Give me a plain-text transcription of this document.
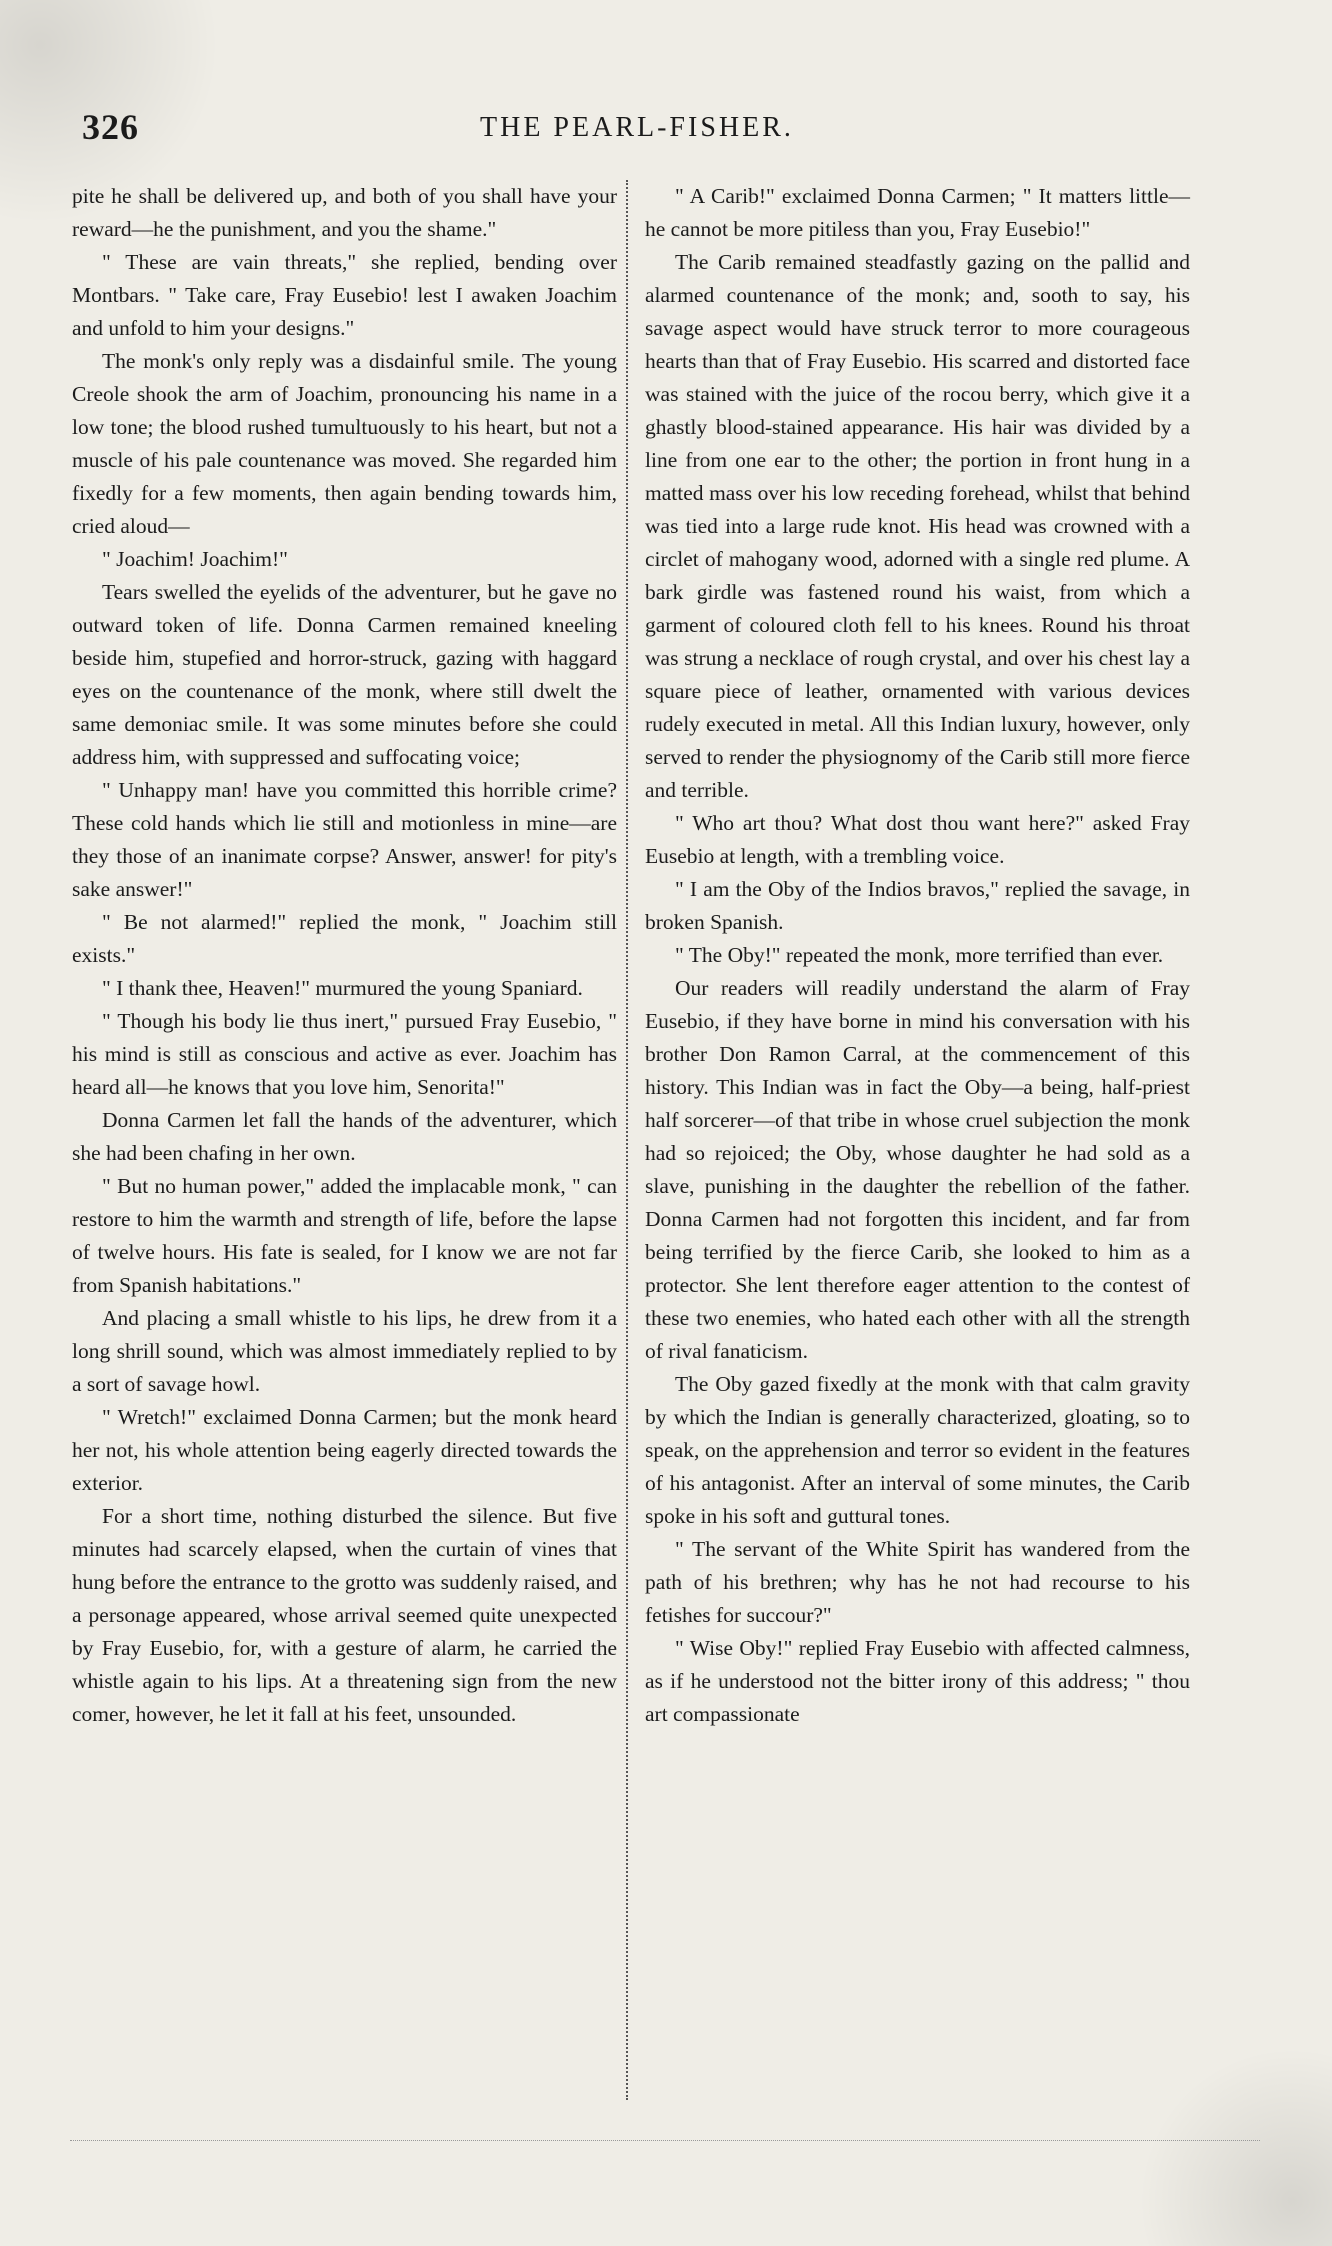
326	THE PEARL-FISHER.

pite he shall be delivered up, and both of you shall have your reward—he the punishment, and you the shame."

" These are vain threats," she replied, bending over Montbars. " Take care, Fray Eusebio! lest I awaken Joachim and unfold to him your designs."

The monk's only reply was a disdainful smile. The young Creole shook the arm of Joachim, pronouncing his name in a low tone; the blood rushed tumultuously to his heart, but not a muscle of his pale countenance was moved. She regarded him fixedly for a few moments, then again bending towards him, cried aloud—

" Joachim! Joachim!"

Tears swelled the eyelids of the adventurer, but he gave no outward token of life. Donna Carmen remained kneeling beside him, stupefied and horror-struck, gazing with haggard eyes on the countenance of the monk, where still dwelt the same demoniac smile. It was some minutes before she could address him, with suppressed and suffocating voice;

" Unhappy man! have you committed this horrible crime? These cold hands which lie still and motionless in mine—are they those of an inanimate corpse? Answer, answer! for pity's sake answer!"

" Be not alarmed!" replied the monk, " Joachim still exists."

" I thank thee, Heaven!" murmured the young Spaniard.

" Though his body lie thus inert," pursued Fray Eusebio, " his mind is still as conscious and active as ever. Joachim has heard all—he knows that you love him, Senorita!"

Donna Carmen let fall the hands of the adventurer, which she had been chafing in her own.

" But no human power," added the implacable monk, " can restore to him the warmth and strength of life, before the lapse of twelve hours. His fate is sealed, for I know we are not far from Spanish habitations."

And placing a small whistle to his lips, he drew from it a long shrill sound, which was almost immediately replied to by a sort of savage howl.

" Wretch!" exclaimed Donna Carmen; but the monk heard her not, his whole attention being eagerly directed towards the exterior.

For a short time, nothing disturbed the silence. But five minutes had scarcely elapsed, when the curtain of vines that hung before the entrance to the grotto was suddenly raised, and a personage appeared, whose arrival seemed quite unexpected by Fray Eusebio, for, with a gesture of alarm, he carried the whistle again to his lips. At a threatening sign from the new comer, however, he let it fall at his feet, unsounded.

" A Carib!" exclaimed Donna Carmen; " It matters little—he cannot be more pitiless than you, Fray Eusebio!"

The Carib remained steadfastly gazing on the pallid and alarmed countenance of the monk; and, sooth to say, his savage aspect would have struck terror to more courageous hearts than that of Fray Eusebio. His scarred and distorted face was stained with the juice of the rocou berry, which give it a ghastly blood-stained appearance. His hair was divided by a line from one ear to the other; the portion in front hung in a matted mass over his low receding forehead, whilst that behind was tied into a large rude knot. His head was crowned with a circlet of mahogany wood, adorned with a single red plume. A bark girdle was fastened round his waist, from which a garment of coloured cloth fell to his knees. Round his throat was strung a necklace of rough crystal, and over his chest lay a square piece of leather, ornamented with various devices rudely executed in metal. All this Indian luxury, however, only served to render the physiognomy of the Carib still more fierce and terrible.

" Who art thou? What dost thou want here?" asked Fray Eusebio at length, with a trembling voice.

" I am the Oby of the Indios bravos," replied the savage, in broken Spanish.

" The Oby!" repeated the monk, more terrified than ever.

Our readers will readily understand the alarm of Fray Eusebio, if they have borne in mind his conversation with his brother Don Ramon Carral, at the commencement of this history. This Indian was in fact the Oby—a being, half-priest half sorcerer—of that tribe in whose cruel subjection the monk had so rejoiced; the Oby, whose daughter he had sold as a slave, punishing in the daughter the rebellion of the father. Donna Carmen had not forgotten this incident, and far from being terrified by the fierce Carib, she looked to him as a protector. She lent therefore eager attention to the contest of these two enemies, who hated each other with all the strength of rival fanaticism.

The Oby gazed fixedly at the monk with that calm gravity by which the Indian is generally characterized, gloating, so to speak, on the apprehension and terror so evident in the features of his antagonist. After an interval of some minutes, the Carib spoke in his soft and guttural tones.

" The servant of the White Spirit has wandered from the path of his brethren; why has he not had recourse to his fetishes for succour?"

" Wise Oby!" replied Fray Eusebio with affected calmness, as if he understood not the bitter irony of this address; " thou art compassionate
